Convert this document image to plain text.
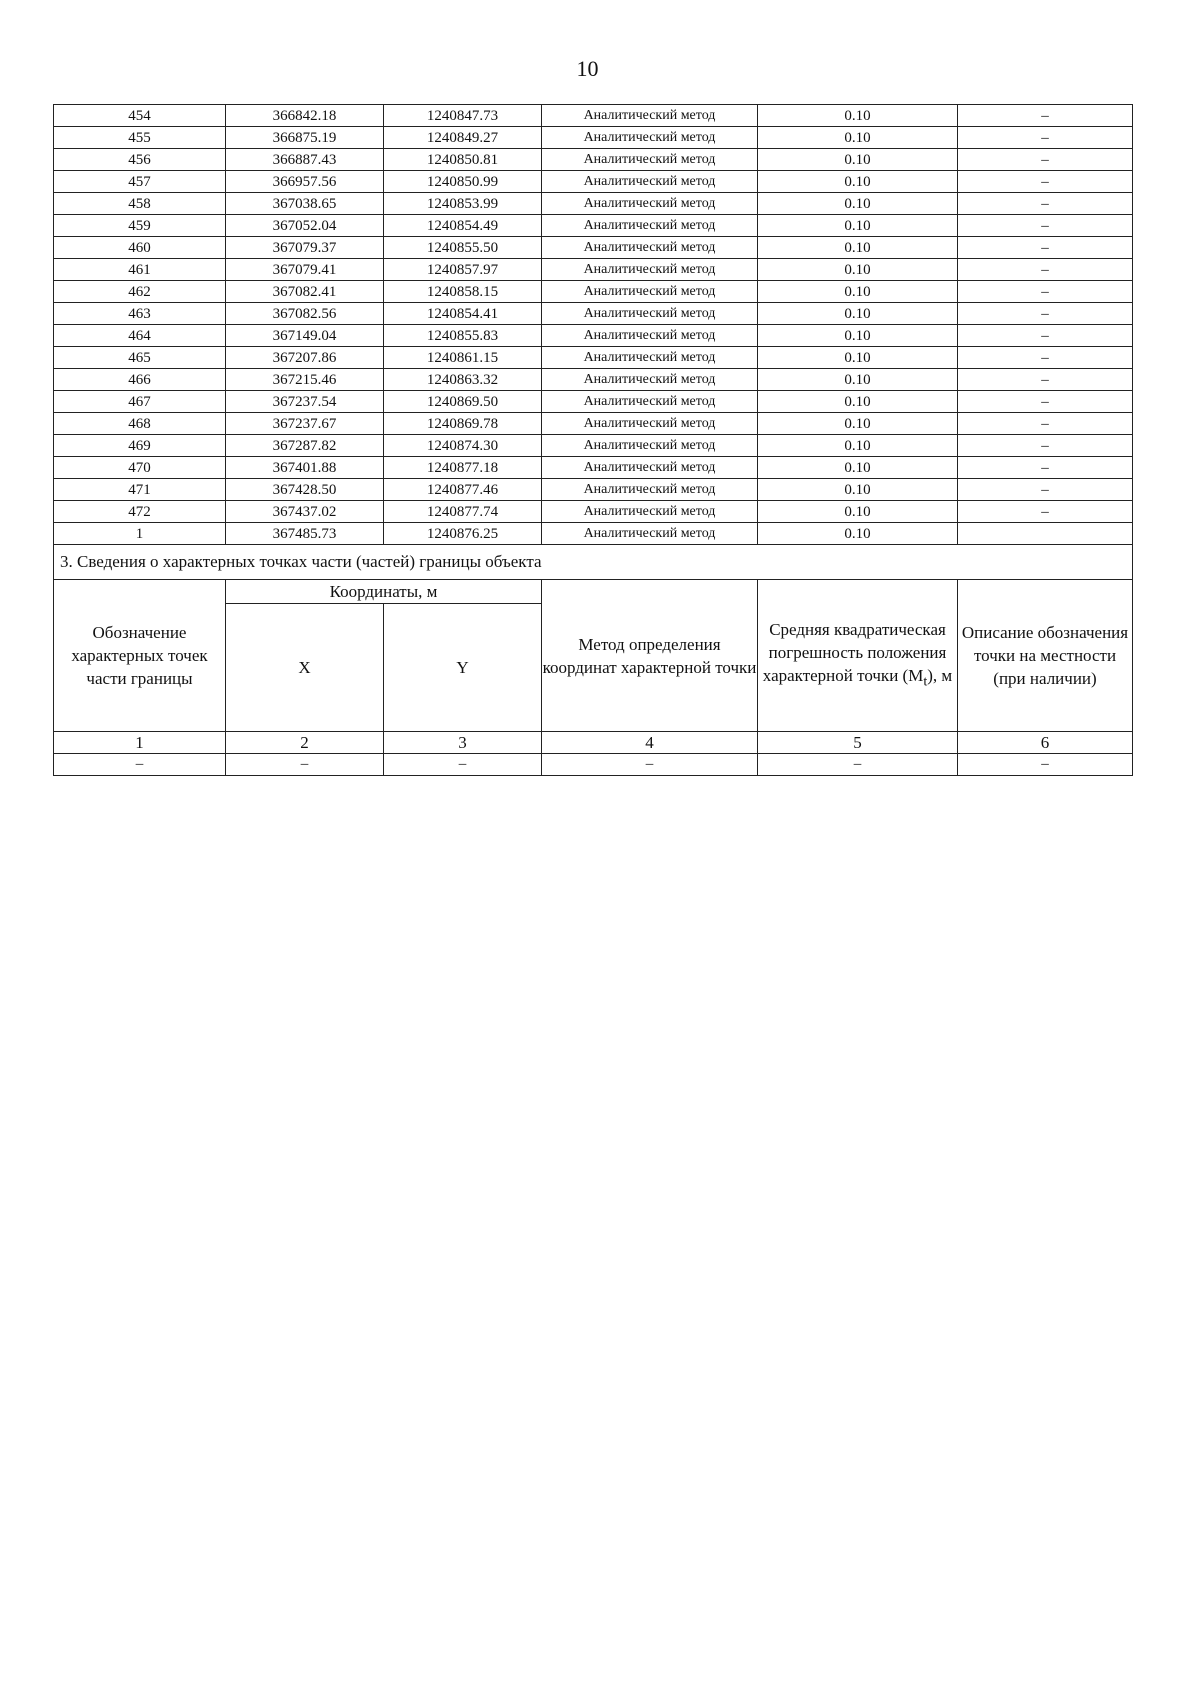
10
454	366842.18	1240847.73	Аналитический метод	0.10	–
455	366875.19	1240849.27	Аналитический метод	0.10	–
456	366887.43	1240850.81	Аналитический метод	0.10	–
457	366957.56	1240850.99	Аналитический метод	0.10	–
458	367038.65	1240853.99	Аналитический метод	0.10	–
459	367052.04	1240854.49	Аналитический метод	0.10	–
460	367079.37	1240855.50	Аналитический метод	0.10	–
461	367079.41	1240857.97	Аналитический метод	0.10	–
462	367082.41	1240858.15	Аналитический метод	0.10	–
463	367082.56	1240854.41	Аналитический метод	0.10	–
464	367149.04	1240855.83	Аналитический метод	0.10	–
465	367207.86	1240861.15	Аналитический метод	0.10	–
466	367215.46	1240863.32	Аналитический метод	0.10	–
467	367237.54	1240869.50	Аналитический метод	0.10	–
468	367237.67	1240869.78	Аналитический метод	0.10	–
469	367287.82	1240874.30	Аналитический метод	0.10	–
470	367401.88	1240877.18	Аналитический метод	0.10	–
471	367428.50	1240877.46	Аналитический метод	0.10	–
472	367437.02	1240877.74	Аналитический метод	0.10	–
1	367485.73	1240876.25	Аналитический метод	0.10	
3. Сведения о характерных точках части (частей) границы объекта					
Обозначение характерных точек части границы	Координаты, м		Метод определения координат характерной точки	Средняя квадратическая погрешность положения характерной точки $(M_t)$, м	Описание обозначения точки на местности (при наличии)
	X	Y			
1	2	3	4	5	6
–	–	–	–	–	–
